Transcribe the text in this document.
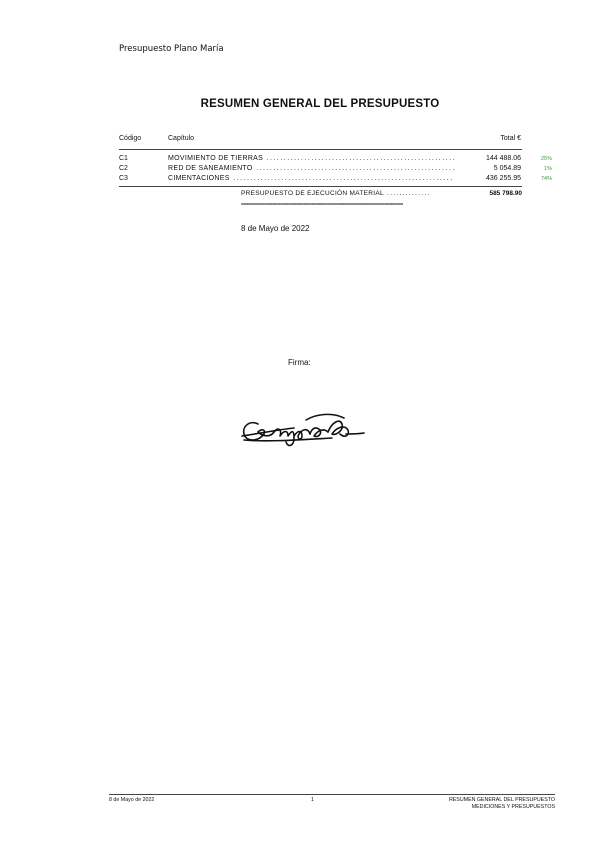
Presupuesto Plano María
RESUMEN GENERAL DEL PRESUPUESTO
Código	Capítulo	Total €
C1	MOVIMIENTO DE TIERRAS .....	144 488.06	25%
C2	RED DE SANEAMIENTO .....	5 054.89	1%
C3	CIMENTACIONES .....	436 255.95	74%
PRESUPUESTO DE EJECUCIÓN MATERIAL .....	585 798.90
==============================================================
8 de Mayo de 2022
Firma:
8 de Mayo de 2022	1	RESUMEN GENERAL DEL PRESUPUESTO
MEDICIONES Y PRESUPUESTOS
